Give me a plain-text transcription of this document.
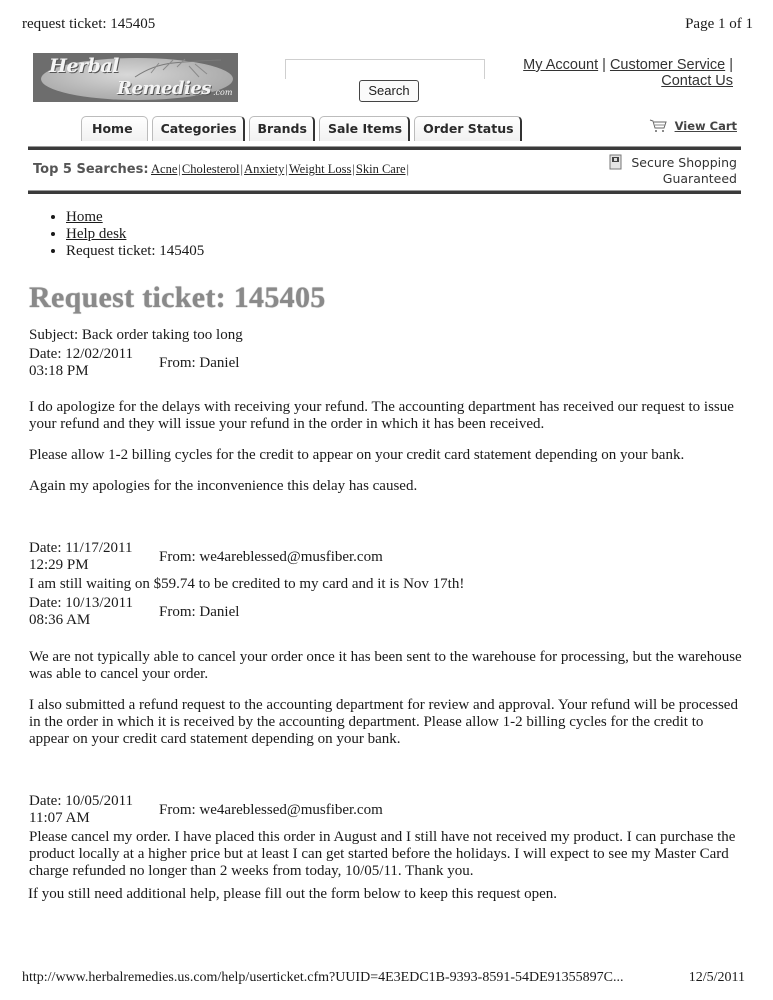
request ticket: 145405	Page 1 of 1
Herbal
Remedies .com	Search
My Account | Customer Service |
Contact Us
Home	Categories	Brands	Sale Items	Order Status	View Cart
Top 5 Searches: Acne|Cholesterol|Anxiety|Weight Loss|Skin Care|	Secure Shopping
Guaranteed
• Home
• Help desk
• Request ticket: 145405
Request ticket: 145405
Subject: Back order taking too long
Date: 12/02/2011
03:18 PM
From: Daniel

I do apologize for the delays with receiving your refund. The accounting department has received our request to issue your refund and they will issue your refund in the order in which it has been received.

Please allow 1-2 billing cycles for the credit to appear on your credit card statement depending on your bank.

Again my apologies for the inconvenience this delay has caused.

Date: 11/17/2011
12:29 PM
From: we4areblessed@musfiber.com

I am still waiting on $59.74 to be credited to my card and it is Nov 17th!

Date: 10/13/2011
08:36 AM
From: Daniel

We are not typically able to cancel your order once it has been sent to the warehouse for processing, but the warehouse was able to cancel your order.

I also submitted a refund request to the accounting department for review and approval. Your refund will be processed in the order in which it is received by the accounting department. Please allow 1-2 billing cycles for the credit to appear on your credit card statement depending on your bank.

Date: 10/05/2011
11:07 AM
From: we4areblessed@musfiber.com

Please cancel my order. I have placed this order in August and I still have not received my product. I can purchase the product locally at a higher price but at least I can get started before the holidays. I will expect to see my Master Card charge refunded no longer than 2 weeks from today, 10/05/11. Thank you.

If you still need additional help, please fill out the form below to keep this request open.
http://www.herbalremedies.us.com/help/userticket.cfm?UUID=4E3EDC1B-9393-8591-54DE91355897C...	12/5/2011
